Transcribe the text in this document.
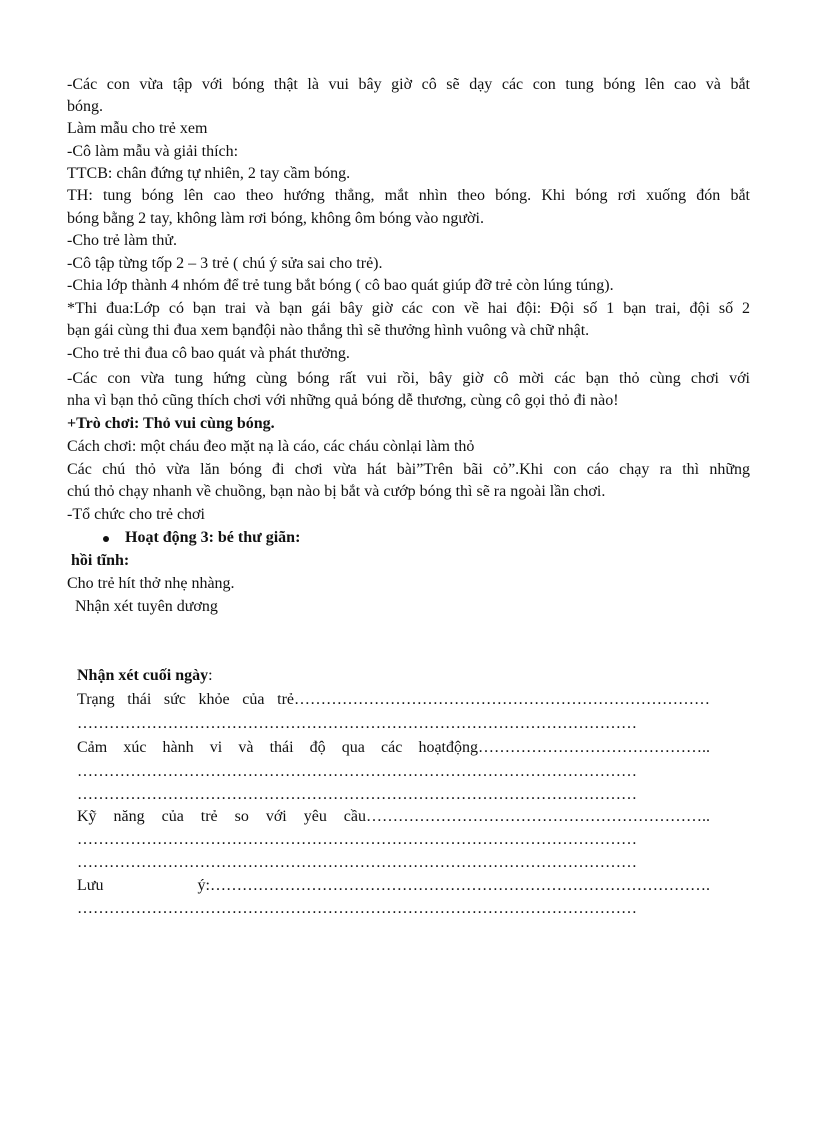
-Các con vừa tập với bóng thật là vui bây giờ cô sẽ dạy các con tung bóng lên cao và bắt
bóng.
Làm mẫu cho trẻ xem
-Cô làm mẫu và giải thích:
TTCB: chân đứng tự nhiên, 2 tay cầm bóng.
TH: tung bóng lên cao theo hướng thẳng, mắt nhìn theo bóng. Khi bóng rơi xuống đón bắt
bóng bằng 2 tay, không làm rơi bóng, không ôm bóng vào người.
-Cho trẻ làm thử.
-Cô tập từng tốp 2 – 3 trẻ ( chú ý sửa sai cho trẻ).
-Chia lớp thành 4 nhóm để trẻ tung bắt bóng ( cô bao quát giúp đỡ trẻ còn lúng túng).
*Thi đua:Lớp có bạn trai và bạn gái bây giờ các con về hai đội: Đội số 1 bạn trai, đội số 2
bạn gái cùng thi đua xem bạnđội nào thắng thì sẽ thưởng hình vuông và chữ nhật.
-Cho trẻ thi đua cô bao quát và phát thưởng.
-Các con vừa tung hứng cùng bóng rất vui rồi, bây giờ cô mời các bạn thỏ cùng chơi với
nha vì bạn thỏ cũng thích chơi với những quả bóng dễ thương, cùng cô gọi thỏ đi nào!
+Trò chơi: Thỏ vui cùng bóng.
Cách chơi: một cháu đeo mặt nạ là cáo, các cháu cònlại làm thỏ
Các chú thỏ vừa lăn bóng đi chơi vừa hát bài”Trên bãi cỏ”.Khi con cáo chạy ra thì những
chú thỏ chạy nhanh về chuồng, bạn nào bị bắt và cướp bóng thì sẽ ra ngoài lần chơi.
-Tổ chức cho trẻ chơi
Hoạt động 3: bé thư giãn:
hồi tĩnh:
Cho trẻ hít thở nhẹ nhàng.
Nhận xét tuyên dương
Nhận xét cuối ngày:
Trạng thái sức khỏe của trẻ……………………………………………………………………
……………………………………………………………………………………………
Cảm xúc hành vi và thái độ qua các hoạtđộng……………………………………..
……………………………………………………………………………………………
……………………………………………………………………………………………
Kỹ năng của trẻ so với yêu cầu………………………………………………………..
……………………………………………………………………………………………
……………………………………………………………………………………………
Lưu ý:………………………………………………………………………………….
……………………………………………………………………………………………
